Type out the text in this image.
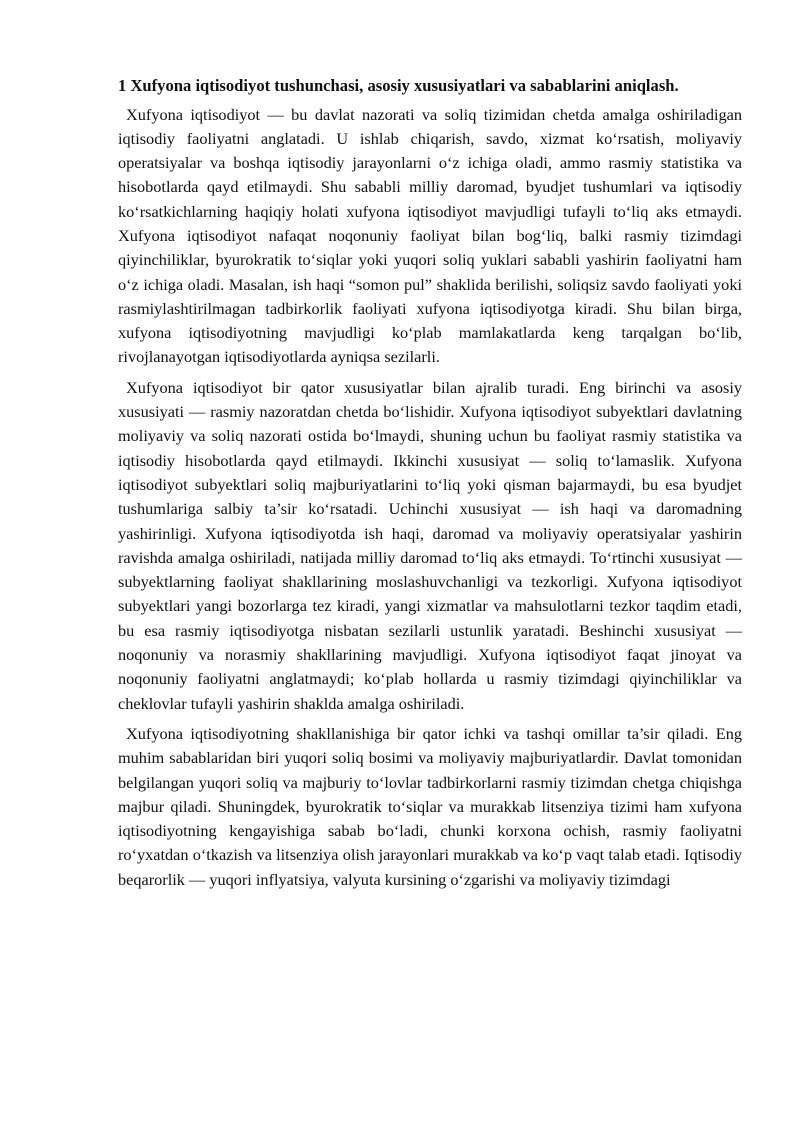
1 Xufyona iqtisodiyot tushunchasi, asosiy xususiyatlari va sabablarini aniqlash.

Xufyona iqtisodiyot — bu davlat nazorati va soliq tizimidan chetda amalga oshiriladigan iqtisodiy faoliyatni anglatadi. U ishlab chiqarish, savdo, xizmat ko‘rsatish, moliyaviy operatsiyalar va boshqa iqtisodiy jarayonlarni o‘z ichiga oladi, ammo rasmiy statistika va hisobotlarda qayd etilmaydi. Shu sababli milliy daromad, byudjet tushumlari va iqtisodiy ko‘rsatkichlarning haqiqiy holati xufyona iqtisodiyot mavjudligi tufayli to‘liq aks etmaydi. Xufyona iqtisodiyot nafaqat noqonuniy faoliyat bilan bog‘liq, balki rasmiy tizimdagi qiyinchiliklar, byurokratik to‘siqlar yoki yuqori soliq yuklari sababli yashirin faoliyatni ham o‘z ichiga oladi. Masalan, ish haqi “somon pul” shaklida berilishi, soliqsiz savdo faoliyati yoki rasmiylashtirilmagan tadbirkorlik faoliyati xufyona iqtisodiyotga kiradi. Shu bilan birga, xufyona iqtisodiyotning mavjudligi ko‘plab mamlakatlarda keng tarqalgan bo‘lib, rivojlanayotgan iqtisodiyotlarda ayniqsa sezilarli.

Xufyona iqtisodiyot bir qator xususiyatlar bilan ajralib turadi. Eng birinchi va asosiy xususiyati — rasmiy nazoratdan chetda bo‘lishidir. Xufyona iqtisodiyot subyektlari davlatning moliyaviy va soliq nazorati ostida bo‘lmaydi, shuning uchun bu faoliyat rasmiy statistika va iqtisodiy hisobotlarda qayd etilmaydi. Ikkinchi xususiyat — soliq to‘lamaslik. Xufyona iqtisodiyot subyektlari soliq majburiyatlarini to‘liq yoki qisman bajarmaydi, bu esa byudjet tushumlariga salbiy ta’sir ko‘rsatadi. Uchinchi xususiyat — ish haqi va daromadning yashirinligi. Xufyona iqtisodiyotda ish haqi, daromad va moliyaviy operatsiyalar yashirin ravishda amalga oshiriladi, natijada milliy daromad to‘liq aks etmaydi. To‘rtinchi xususiyat — subyektlarning faoliyat shakllarining moslashuvchanligi va tezkorligi. Xufyona iqtisodiyot subyektlari yangi bozorlarga tez kiradi, yangi xizmatlar va mahsulotlarni tezkor taqdim etadi, bu esa rasmiy iqtisodiyotga nisbatan sezilarli ustunlik yaratadi. Beshinchi xususiyat — noqonuniy va norasmiy shakllarining mavjudligi. Xufyona iqtisodiyot faqat jinoyat va noqonuniy faoliyatni anglatmaydi; ko‘plab hollarda u rasmiy tizimdagi qiyinchiliklar va cheklovlar tufayli yashirin shaklda amalga oshiriladi.

Xufyona iqtisodiyotning shakllanishiga bir qator ichki va tashqi omillar ta’sir qiladi. Eng muhim sabablaridan biri yuqori soliq bosimi va moliyaviy majburiyatlardir. Davlat tomonidan belgilangan yuqori soliq va majburiy to‘lovlar tadbirkorlarni rasmiy tizimdan chetga chiqishga majbur qiladi. Shuningdek, byurokratik to‘siqlar va murakkab litsenziya tizimi ham xufyona iqtisodiyotning kengayishiga sabab bo‘ladi, chunki korxona ochish, rasmiy faoliyatni ro‘yxatdan o‘tkazish va litsenziya olish jarayonlari murakkab va ko‘p vaqt talab etadi. Iqtisodiy beqarorlik — yuqori inflyatsiya, valyuta kursining o‘zgarishi va moliyaviy tizimdagi
